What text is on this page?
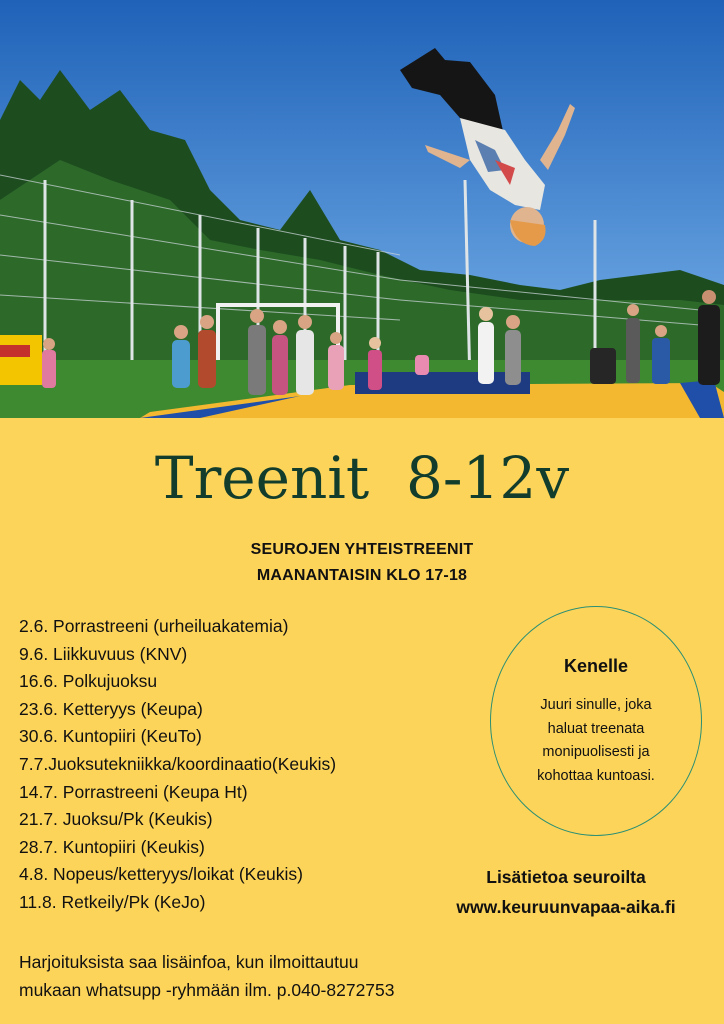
Treenit  8-12v
SEUROJEN YHTEISTREENIT
MAANANTAISIN KLO 17-18
2.6. Porrastreeni (urheiluakatemia)
9.6. Liikkuvuus (KNV)
16.6. Polkujuoksu
23.6. Ketteryys (Keupa)
30.6. Kuntopiiri (KeuTo)
7.7.Juoksutekniikka/koordinaatio(Keukis)
14.7. Porrastreeni (Keupa Ht)
21.7. Juoksu/Pk (Keukis)
28.7. Kuntopiiri (Keukis)
4.8. Nopeus/ketteryys/loikat (Keukis)
11.8. Retkeily/Pk (KeJo)
Kenelle
Juuri sinulle, joka
haluat treenata
monipuolisesti ja
kohottaa kuntoasi.
Lisätietoa seuroilta
www.keuruunvapaa-aika.fi
Harjoituksista saa lisäinfoa, kun ilmoittautuu
mukaan whatsupp -ryhmään ilm. p.040-8272753
